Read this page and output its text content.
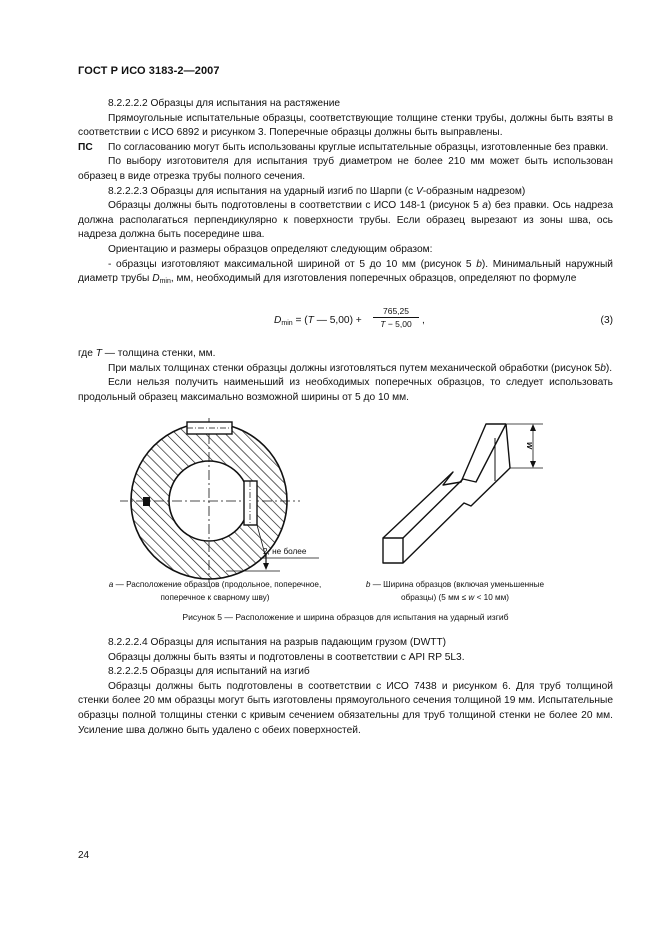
ГОСТ Р ИСО 3183-2—2007

8.2.2.2.2 Образцы для испытания на растяжение

Прямоугольные испытательные образцы, соответствующие толщине стенки трубы, должны быть взяты в соответствии с ИСО 6892 и рисунком 3. Поперечные образцы должны быть выправлены.

ПС По согласованию могут быть использованы круглые испытательные образцы, изготовленные без правки.

По выбору изготовителя для испытания труб диаметром не более 210 мм может быть использован образец в виде отрезка трубы полного сечения.

8.2.2.2.3 Образцы для испытания на ударный изгиб по Шарпи (с V-образным надрезом)

Образцы должны быть подготовлены в соответствии с ИСО 148-1 (рисунок 5 а) без правки. Ось надреза должна располагаться перпендикулярно к поверхности трубы. Если образец вырезают из зоны шва, ось надреза должна быть посередине шва.

Ориентацию и размеры образцов определяют следующим образом:

- образцы изготовляют максимальной шириной от 5 до 10 мм (рисунок 5 b). Минимальный наружный диаметр трубы $D_{min}$, мм, необходимый для изготовления поперечных образцов, определяют по формуле

$D_{min} = (T$ — $5,00) + \frac{765,25}{T - 5,00}$ ,	(3)

где T — толщина стенки, мм.

При малых толщинах стенки образцы должны изготовляться путем механической обработки (рисунок 5b).

Если нельзя получить наименьший из необходимых поперечных образцов, то следует использовать продольный образец максимально возможной ширины от 5 до 10 мм.

2, не более
w
а — Расположение образцов (продольное, поперечное, поперечное к сварному шву)
b — Ширина образцов (включая уменьшенные образцы) (5 мм ≤ w < 10 мм)
Рисунок 5 — Расположение и ширина образцов для испытания на ударный изгиб

8.2.2.2.4 Образцы для испытания на разрыв падающим грузом (DWTT)

Образцы должны быть взяты и подготовлены в соответствии с API RP 5L3.

8.2.2.2.5 Образцы для испытаний на изгиб

Образцы должны быть подготовлены в соответствии с ИСО 7438 и рисунком 6. Для труб толщиной стенки более 20 мм образцы могут быть изготовлены прямоугольного сечения толщиной 19 мм. Испытательные образцы полной толщины стенки с кривым сечением обязательны для труб толщиной стенки не более 20 мм. Усиление шва должно быть удалено с обеих поверхностей.

24
